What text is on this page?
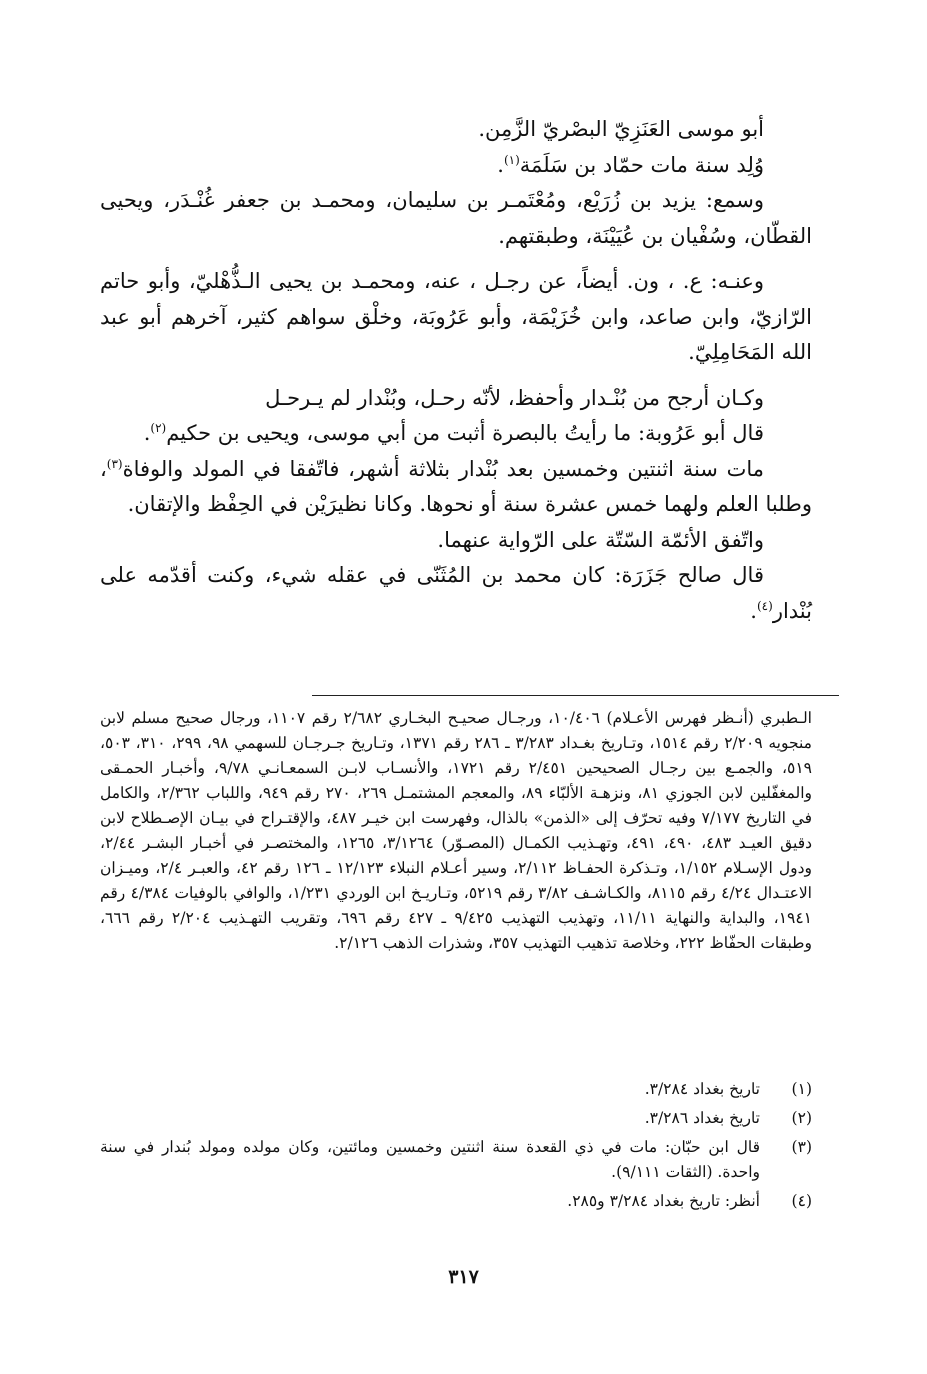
أبو موسى العَنَزِيّ البصْريّ الزَّمِن.

وُلِد سنة مات حمّاد بن سَلَمَة$^{(١)}$.

وسمع: يزيد بن زُرَيْع، ومُعْتَمـر بن سليمان، ومحمـد بن جعفر غُنْـدَر، ويحيى القطّان، وسُفْيان بن عُيَيْنَة، وطبقتهم.

وعنـه: ع. ، ون. أيضاً، عن رجـل ، عنه، ومحمـد بن يحيى الـذُّهْليّ، وأبو حاتم الرّازيّ، وابن صاعد، وابن خُزَيْمَة، وأبو عَرُوبَة، وخلْق سواهم كثير، آخرهم أبو عبد الله المَحَامِلِيّ.

وكـان أرجح من بُنْـدار وأحفظ، لأنّه رحـل، وبُنْدار لم يـرحـل

قال أبو عَرُوبة: ما رأيتُ بالبصرة أثبت من أبي موسى، ويحيى بن حكيم$^{(٢)}$.

مات سنة اثنتين وخمسين بعد بُنْدار بثلاثة أشهر، فاتّفقا في المولد والوفاة$^{(٣)}$، وطلبا العلم ولهما خمس عشرة سنة أو نحوها. وكانا نظيرَيْن في الحِفْظ والإتقان.

واتّفق الأئمّة السّتّة على الرّواية عنهما.

قال صالح جَزَرَة: كان محمد بن المُثَنّى في عقله شيء، وكنت أقدّمه على بُنْدار$^{(٤)}$.

الـطبري (أنـظر فهرس الأعـلام) ١٠/٤٠٦، ورجـال صحيـح البخـاري ٢/٦٨٢ رقم ١١٠٧، ورجال صحيح مسلم لابن منجويه ٢/٢٠٩ رقم ١٥١٤، وتـاريخ بغـداد ٣/٢٨٣ ـ ٢٨٦ رقم ١٣٧١، وتـاريخ جـرجـان للسهمي ٩٨، ٢٩٩، ٣١٠، ٥٠٣، ٥١٩، والجمـع بين رجـال الصحيحين ٢/٤٥١ رقم ١٧٢١، والأنسـاب لابـن السمعـانـي ٩/٧٨، وأخبـار الحمـقى والمغفّلين لابن الجوزي ٨١، ونزهـة الألبّاء ٨٩، والمعجم المشتمـل ٢٦٩، ٢٧٠ رقم ٩٤٩، واللباب ٢/٣٦٢، والكامل في التاريخ ٧/١٧٧ وفيه تحرّف إلى «الذمن» بالذال، وفهرست ابن خيـر ٤٨٧، والإقتـراح في بيـان الإصـطلاح لابن دقيق العيـد ٤٨٣، ٤٩٠، ٤٩١، وتهـذيب الكمـال (المصـوّر) ٣/١٢٦٤، ١٢٦٥، والمختصـر في أخبـار البشـر ٢/٤٤، ودول الإسـلام ١/١٥٢، وتـذكرة الحفـاظ ٢/١١٢، وسير أعـلام النبلاء ١٢/١٢٣ ـ ١٢٦ رقم ٤٢، والعبـر ٢/٤، وميـزان الاعتـدال ٤/٢٤ رقم ٨١١٥، والكـاشـف ٣/٨٢ رقم ٥٢١٩، وتـاريـخ ابن الوردي ١/٢٣١، والوافي بالوفيات ٤/٣٨٤ رقم ١٩٤١، والبداية والنهاية ١١/١١، وتهذيب التهذيب ٩/٤٢٥ ـ ٤٢٧ رقم ٦٩٦، وتقريب التهـذيب ٢/٢٠٤ رقم ٦٦٦، وطبقات الحفّاظ ٢٢٢، وخلاصة تذهيب التهذيب ٣٥٧، وشذرات الذهب ٢/١٢٦.

(١)
تاريخ بغداد ٣/٢٨٤.
(٢)
تاريخ بغداد ٣/٢٨٦.
(٣)
قال ابن حبّان: مات في ذي القعدة سنة اثنتين وخمسين ومائتين، وكان مولده ومولد بُندار في سنة واحدة. (الثقات ٩/١١١).
(٤)
أنظر: تاريخ بغداد ٣/٢٨٤ و٢٨٥.
٣١٧
